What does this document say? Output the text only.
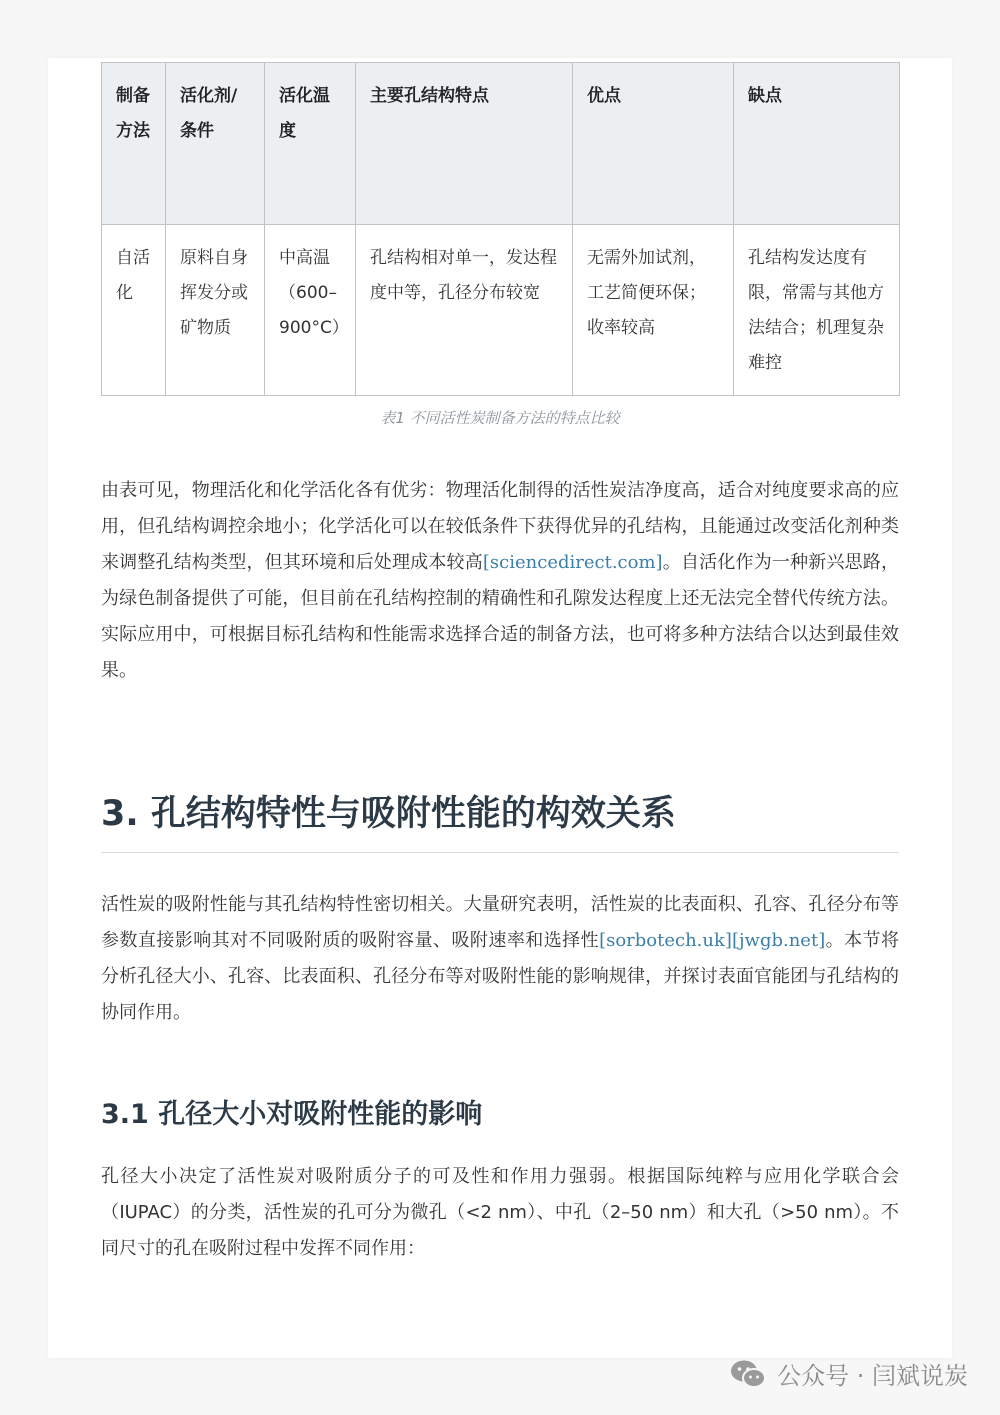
制备方法	活化剂/条件	活化温度	主要孔结构特点	优点	缺点
自活化	原料自身挥发分或矿物质	中高温（600–900°C）	孔结构相对单一，发达程度中等，孔径分布较宽	无需外加试剂，工艺简便环保；收率较高	孔结构发达度有限，常需与其他方法结合；机理复杂难控
表1 不同活性炭制备方法的特点比较
由表可见，物理活化和化学活化各有优劣：物理活化制得的活性炭洁净度高，适合对纯度要求高的应用，但孔结构调控余地小；化学活化可以在较低条件下获得优异的孔结构，且能通过改变活化剂种类来调整孔结构类型，但其环境和后处理成本较高[sciencedirect.com]。自活化作为一种新兴思路，为绿色制备提供了可能，但目前在孔结构控制的精确性和孔隙发达程度上还无法完全替代传统方法。实际应用中，可根据目标孔结构和性能需求选择合适的制备方法，也可将多种方法结合以达到最佳效果。
3. 孔结构特性与吸附性能的构效关系
活性炭的吸附性能与其孔结构特性密切相关。大量研究表明，活性炭的比表面积、孔容、孔径分布等参数直接影响其对不同吸附质的吸附容量、吸附速率和选择性[sorbotech.uk][jwgb.net]。本节将分析孔径大小、孔容、比表面积、孔径分布等对吸附性能的影响规律，并探讨表面官能团与孔结构的协同作用。
3.1 孔径大小对吸附性能的影响
孔径大小决定了活性炭对吸附质分子的可及性和作用力强弱。根据国际纯粹与应用化学联合会（IUPAC）的分类，活性炭的孔可分为微孔（<2 nm）、中孔（2–50 nm）和大孔（>50 nm）。不同尺寸的孔在吸附过程中发挥不同作用：
公众号 · 闫斌说炭
